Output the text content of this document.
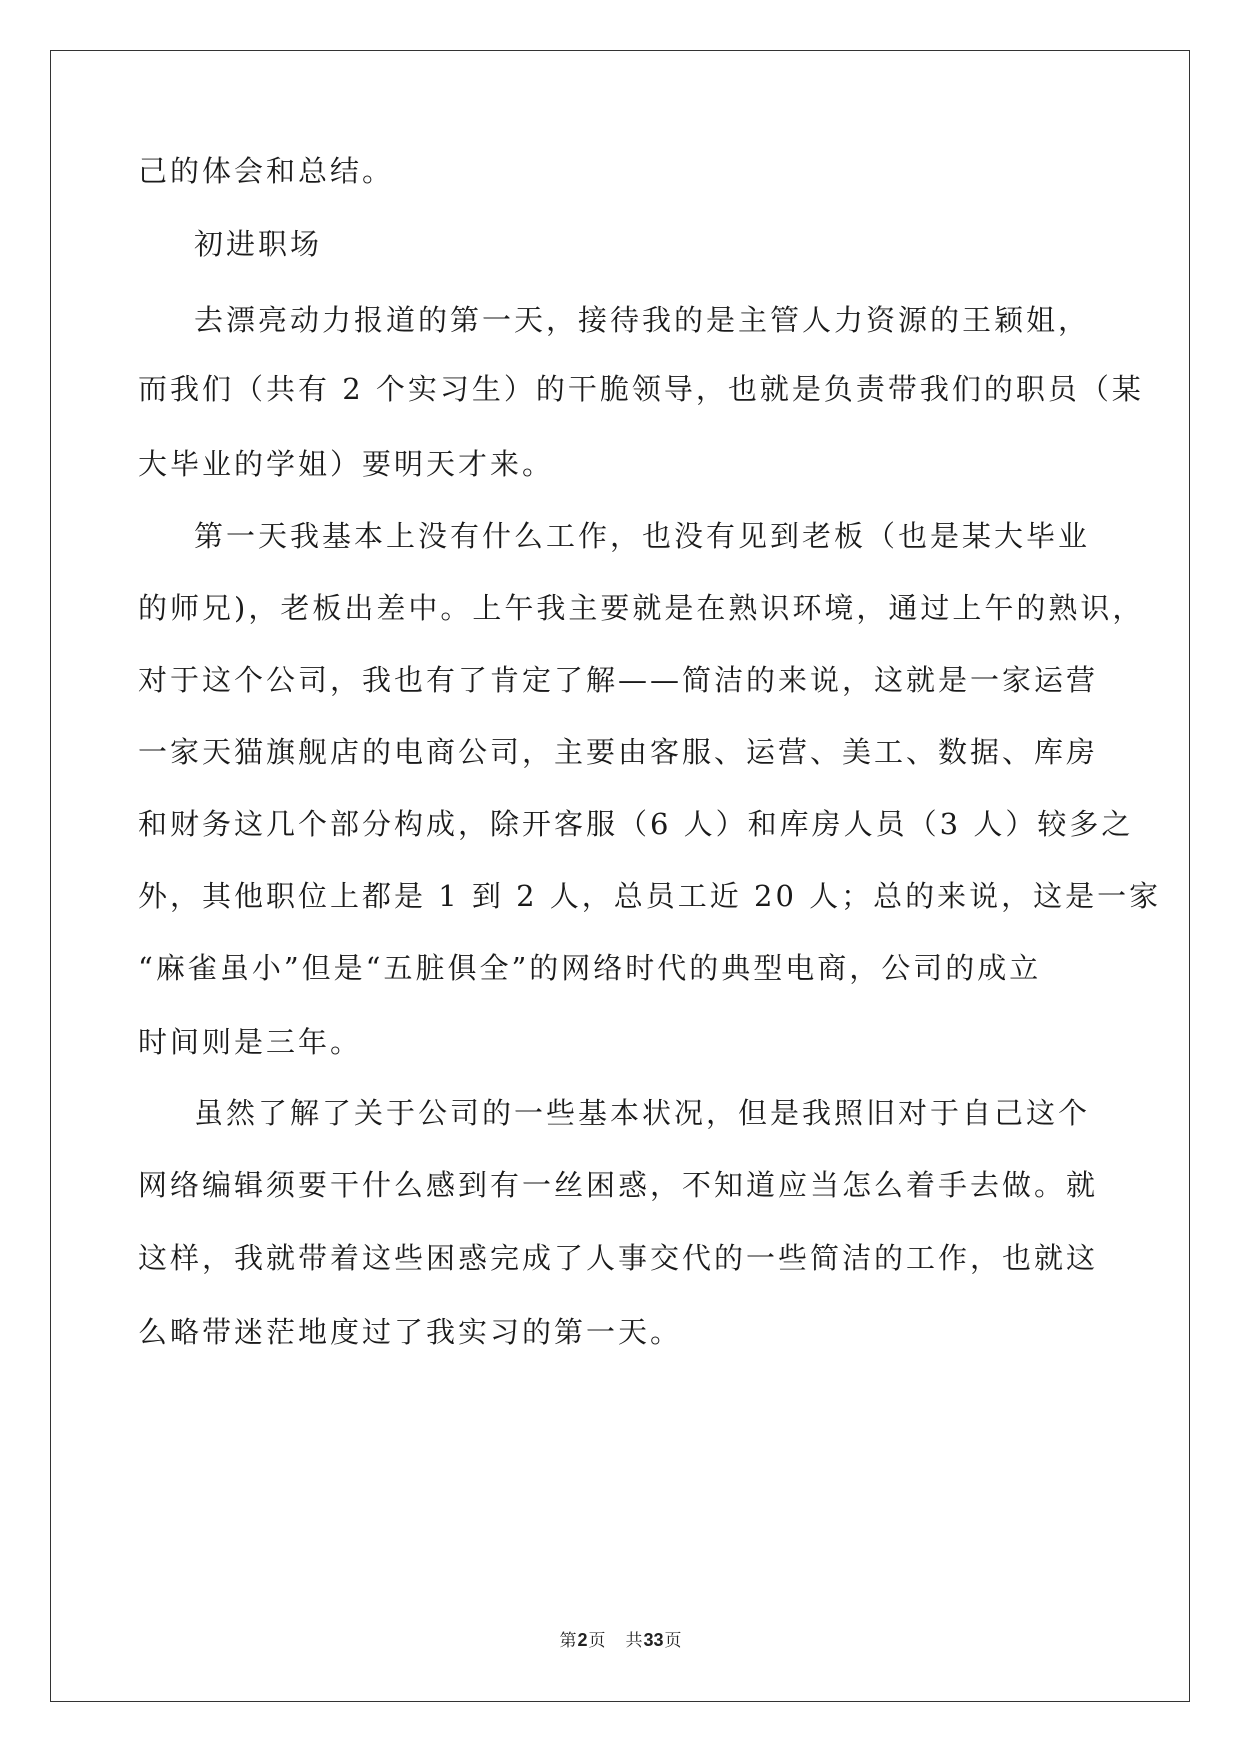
己的体会和总结。

初进职场

去漂亮动力报道的第一天，接待我的是主管人力资源的王颖姐，

而我们（共有 2 个实习生）的干脆领导，也就是负责带我们的职员（某

大毕业的学姐）要明天才来。

第一天我基本上没有什么工作，也没有见到老板（也是某大毕业

的师兄)，老板出差中。上午我主要就是在熟识环境，通过上午的熟识，

对于这个公司，我也有了肯定了解——简洁的来说，这就是一家运营

一家天猫旗舰店的电商公司，主要由客服、运营、美工、数据、库房

和财务这几个部分构成，除开客服（6 人）和库房人员（3 人）较多之

外，其他职位上都是 1 到 2 人，总员工近 20 人；总的来说，这是一家

“麻雀虽小”但是“五脏俱全”的网络时代的典型电商，公司的成立

时间则是三年。

虽然了解了关于公司的一些基本状况，但是我照旧对于自己这个

网络编辑须要干什么感到有一丝困惑，不知道应当怎么着手去做。就

这样，我就带着这些困惑完成了人事交代的一些简洁的工作，也就这

么略带迷茫地度过了我实习的第一天。

第2页 共33页
